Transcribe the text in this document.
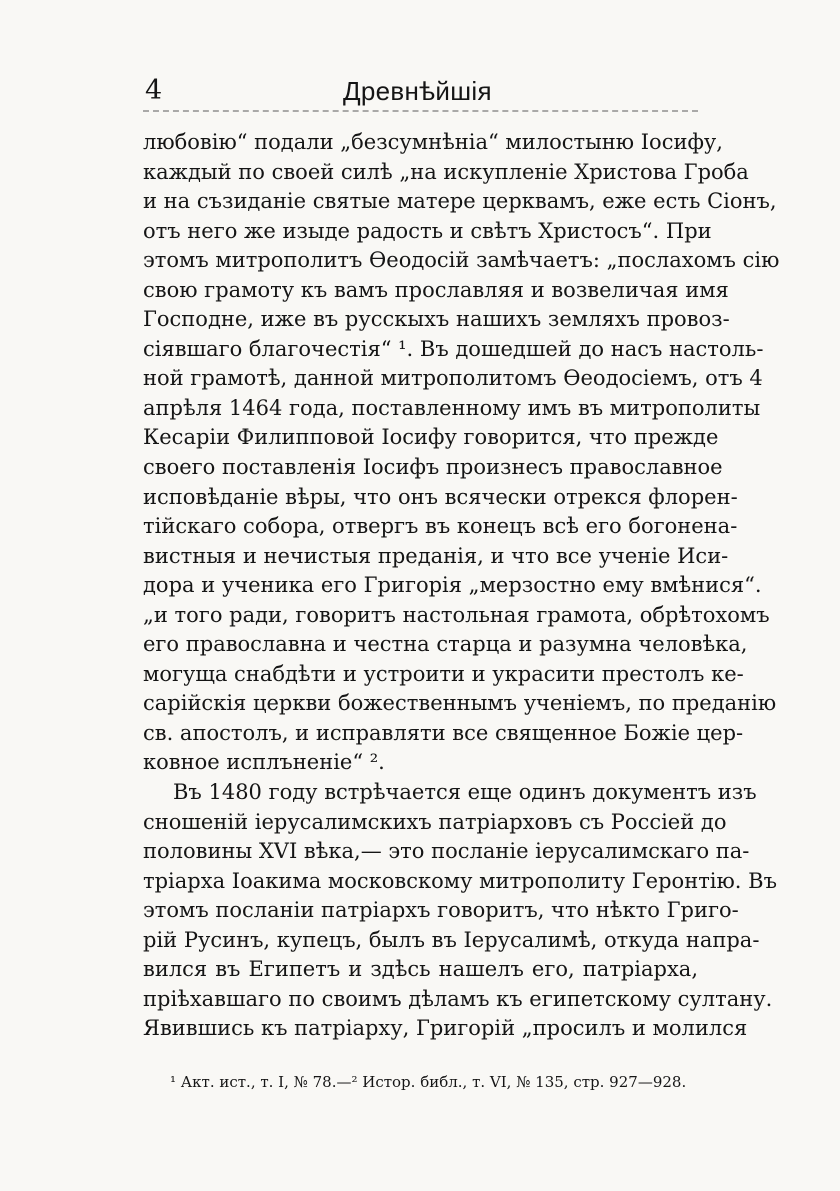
4	Древнѣйшія
любовію“ подали „безсумнѣніа“ милостыню Іосифу,
каждый по своей силѣ „на искупленіе Христова Гроба
и на съзиданіе святые матере церквамъ, еже есть Сіонъ,
отъ него же изыде радость и свѣтъ Христосъ“. При
этомъ митрополитъ Ѳеодосій замѣчаетъ: „послахомъ сію
свою грамоту къ вамъ прославляя и возвеличая имя
Господне, иже въ русскыхъ нашихъ земляхъ провоз-
сіявшаго благочестія“ ¹. Въ дошедшей до насъ настоль-
ной грамотѣ, данной митрополитомъ Ѳеодосіемъ, отъ 4
апрѣля 1464 года, поставленному имъ въ митрополиты
Кесаріи Филипповой Іосифу говорится, что прежде
своего поставленія Іосифъ произнесъ православное
исповѣданіе вѣры, что онъ всячески отрекся флорен-
тійскаго собора, отвергъ въ конецъ всѣ его богонена-
вистныя и нечистыя преданія, и что все ученіе Иси-
дора и ученика его Григорія „мерзостно ему вмѣнися“.
„и того ради, говоритъ настольная грамота, обрѣтохомъ
его православна и честна старца и разумна человѣка,
могуща снабдѣти и устроити и украсити престолъ ке-
сарійскія церкви божественнымъ ученіемъ, по преданію
св. апостолъ, и исправляти все священное Божіе цер-
ковное исплъненіе“ ².
Въ 1480 году встрѣчается еще одинъ документъ изъ
сношеній іерусалимскихъ патріарховъ съ Россіей до
половины XVI вѣка,— это посланіе іерусалимскаго па-
тріарха Іоакима московскому митрополиту Геронтію. Въ
этомъ посланіи патріархъ говоритъ, что нѣкто Григо-
рій Русинъ, купецъ, былъ въ Іерусалимѣ, откуда напра-
вился въ Египетъ и здѣсь нашелъ его, патріарха,
пріѣхавшаго по своимъ дѣламъ къ египетскому султану.
Явившись къ патріарху, Григорій „просилъ и молился
¹ Акт. ист., т. I, № 78.—² Истор. библ., т. VI, № 135, стр. 927—928.
